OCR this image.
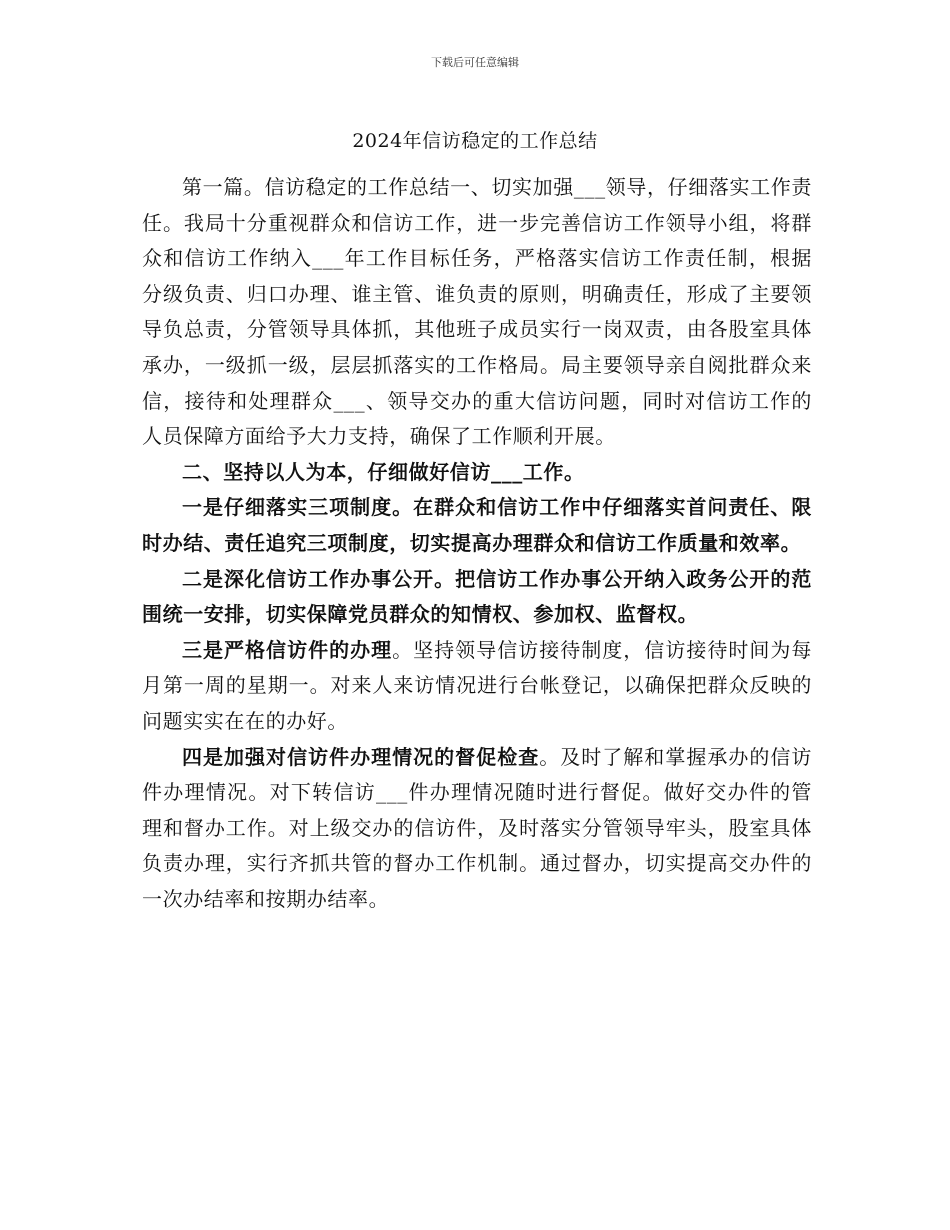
下载后可任意编辑
2024年信访稳定的工作总结

第一篇。信访稳定的工作总结一、切实加强___领导，仔细落实工作责任。我局十分重视群众和信访工作，进一步完善信访工作领导小组，将群众和信访工作纳入___年工作目标任务，严格落实信访工作责任制，根据分级负责、归口办理、谁主管、谁负责的原则，明确责任，形成了主要领导负总责，分管领导具体抓，其他班子成员实行一岗双责，由各股室具体承办，一级抓一级，层层抓落实的工作格局。局主要领导亲自阅批群众来信，接待和处理群众___、领导交办的重大信访问题，同时对信访工作的人员保障方面给予大力支持，确保了工作顺利开展。

二、坚持以人为本，仔细做好信访___工作。

一是仔细落实三项制度。在群众和信访工作中仔细落实首问责任、限时办结、责任追究三项制度，切实提高办理群众和信访工作质量和效率。

二是深化信访工作办事公开。把信访工作办事公开纳入政务公开的范围统一安排，切实保障党员群众的知情权、参加权、监督权。

三是严格信访件的办理。坚持领导信访接待制度，信访接待时间为每月第一周的星期一。对来人来访情况进行台帐登记，以确保把群众反映的问题实实在在的办好。

四是加强对信访件办理情况的督促检查。及时了解和掌握承办的信访件办理情况。对下转信访___件办理情况随时进行督促。做好交办件的管理和督办工作。对上级交办的信访件，及时落实分管领导牢头，股室具体负责办理，实行齐抓共管的督办工作机制。通过督办，切实提高交办件的一次办结率和按期办结率。
